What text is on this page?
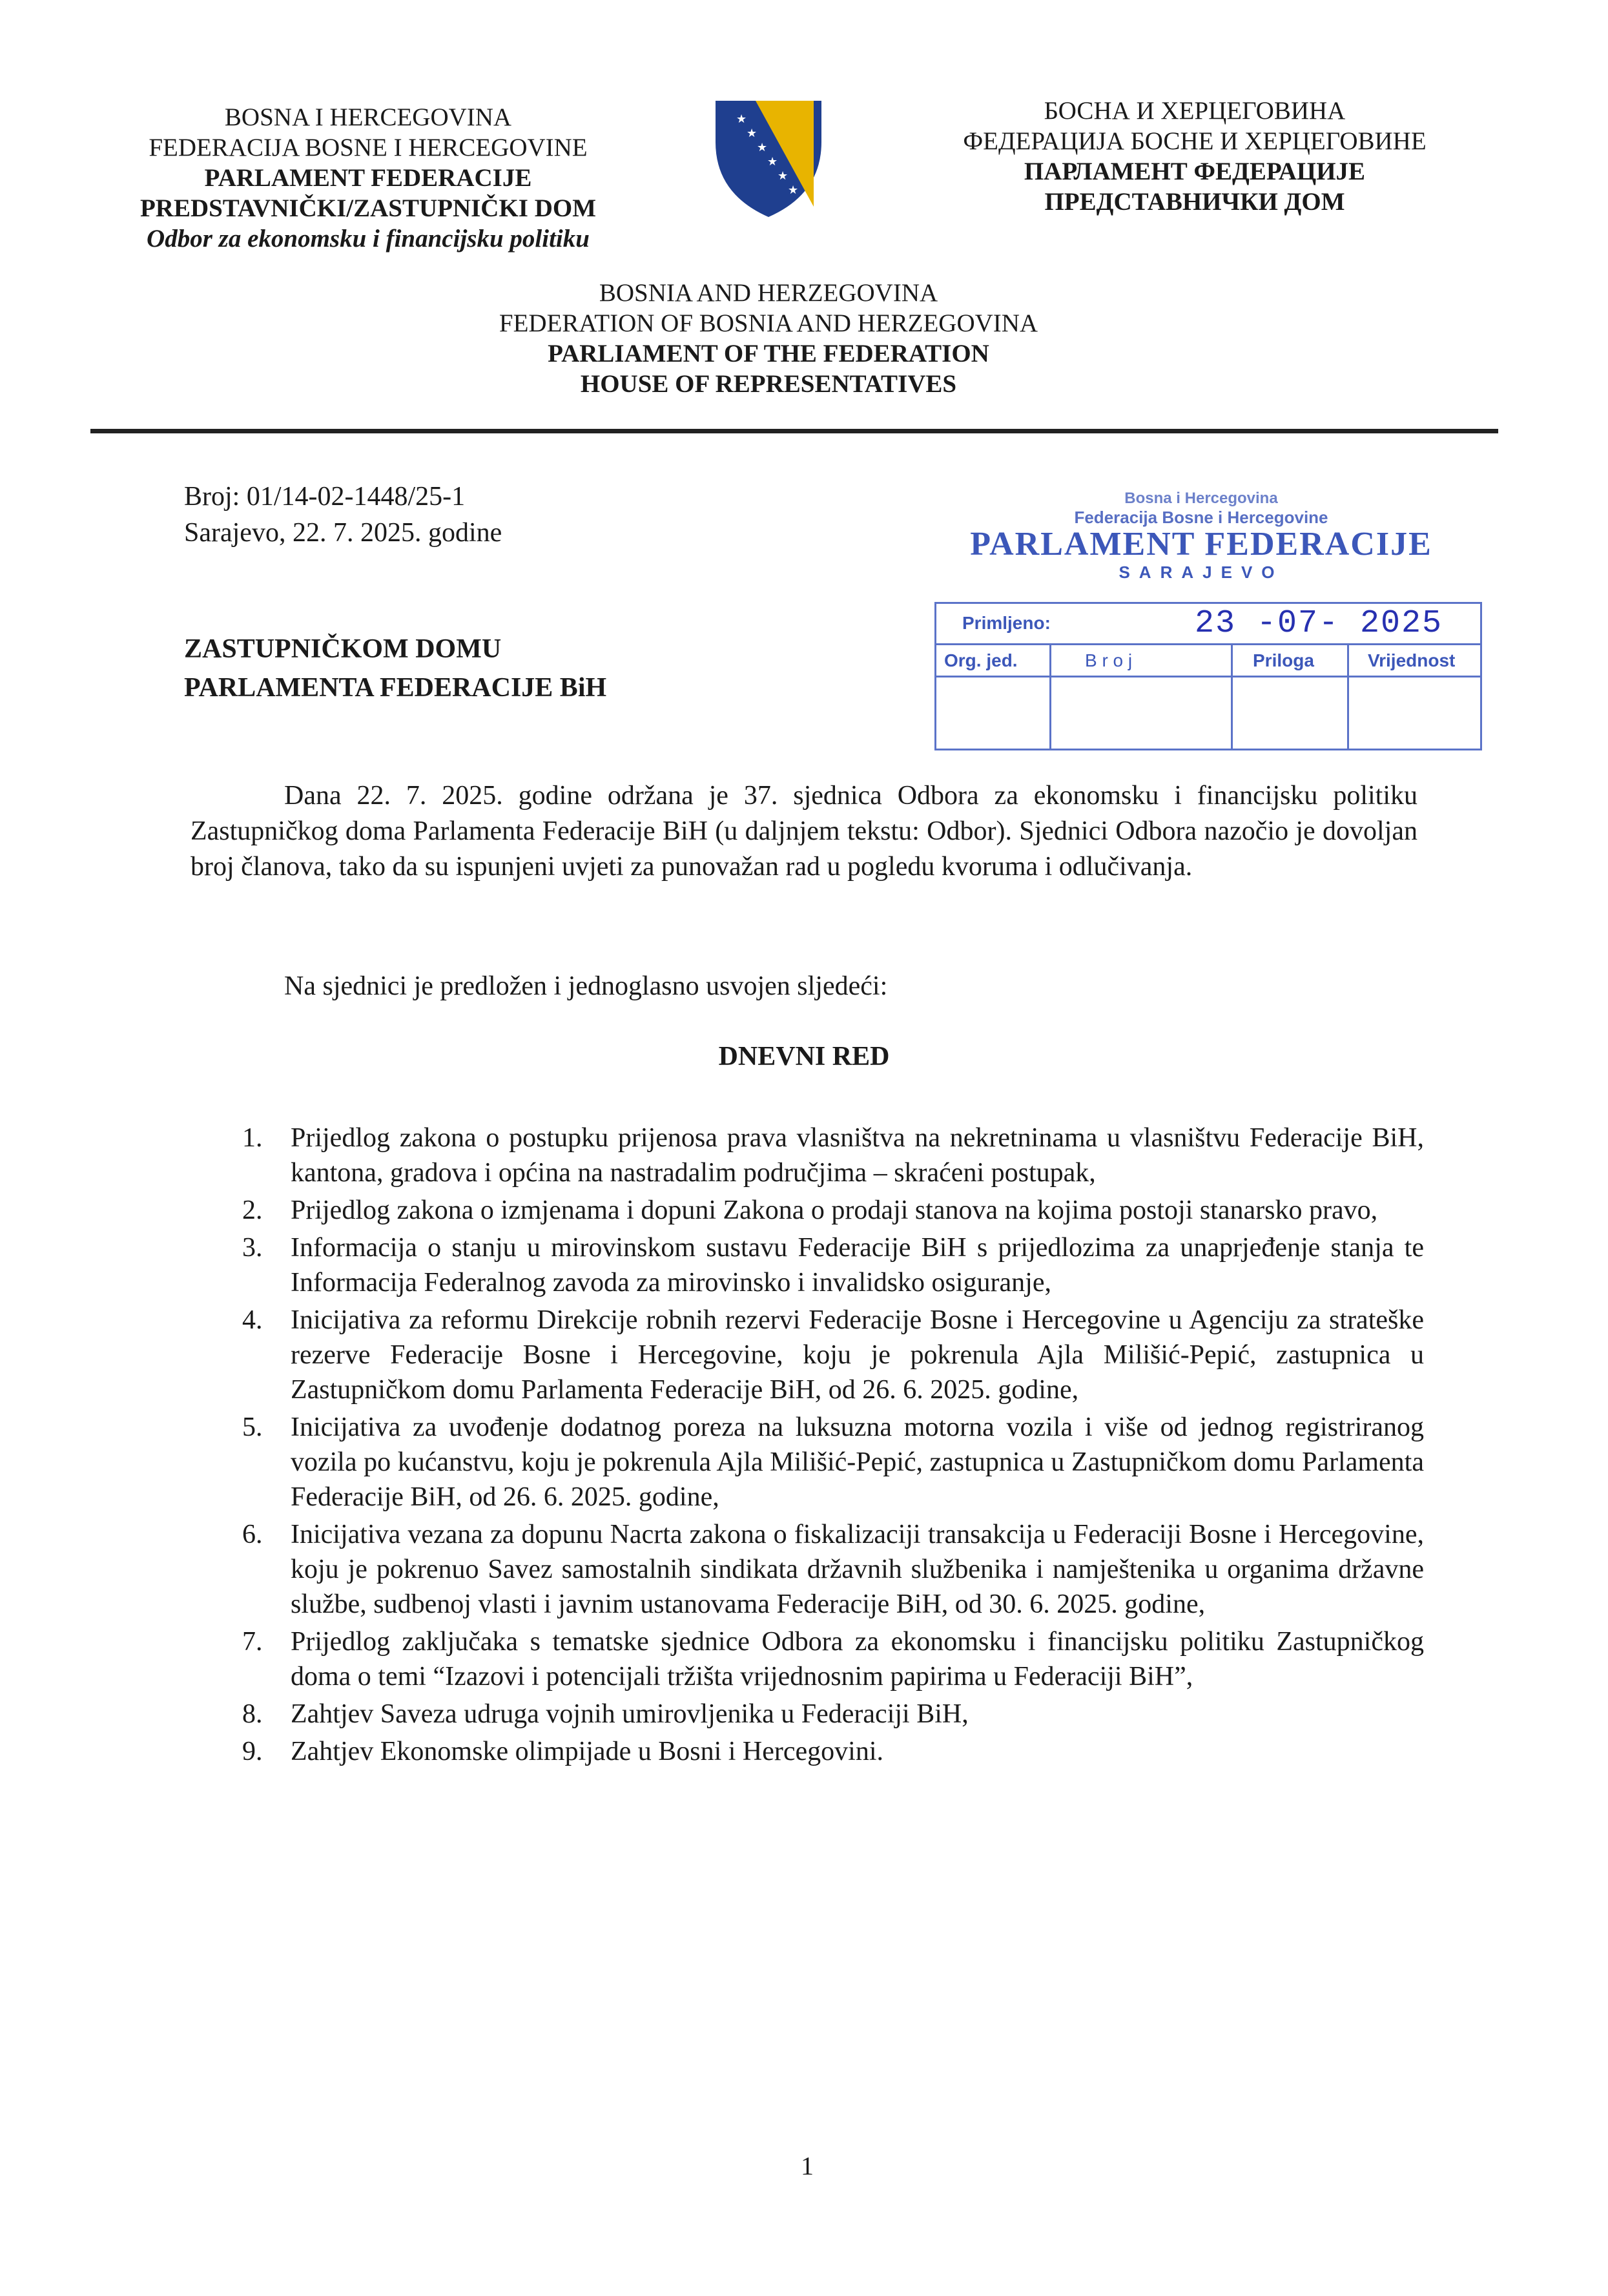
BOSNA I HERCEGOVINA
FEDERACIJA BOSNE I HERCEGOVINE
PARLAMENT FEDERACIJE
PREDSTAVNIČKI/ZASTUPNIČKI DOM
Odbor za ekonomsku i financijsku politiku
★
★
★
★
★
★
БОСНА И ХЕРЦЕГОВИНА
ФЕДЕРАЦИЈА БОСНЕ И ХЕРЦЕГОВИНЕ
ПАРЛАМЕНТ ФЕДЕРАЦИЈЕ
ПРЕДСТАВНИЧКИ ДОМ
BOSNIA AND HERZEGOVINA
FEDERATION OF BOSNIA AND HERZEGOVINA
PARLIAMENT OF THE FEDERATION
HOUSE OF REPRESENTATIVES
Broj: 01/14-02-1448/25-1
Sarajevo, 22. 7. 2025. godine
ZASTUPNIČKOM DOMU
PARLAMENTA FEDERACIJE BiH
Bosna i Hercegovina
Federacija Bosne i Hercegovine
PARLAMENT FEDERACIJE
SARAJEVO
Primljeno:	23 -07- 2025
Org. jed.	B r o j	Priloga	Vrijednost
Dana 22. 7. 2025. godine održana je 37. sjednica Odbora za ekonomsku i financijsku politiku Zastupničkog doma Parlamenta Federacije BiH (u daljnjem tekstu: Odbor). Sjednici Odbora nazočio je dovoljan broj članova, tako da su ispunjeni uvjeti za punovažan rad u pogledu kvoruma i odlučivanja.
Na sjednici je predložen i jednoglasno usvojen sljedeći:
DNEVNI RED
1. Prijedlog zakona o postupku prijenosa prava vlasništva na nekretninama u vlasništvu Federacije BiH, kantona, gradova i općina na nastradalim područjima – skraćeni postupak,
2. Prijedlog zakona o izmjenama i dopuni Zakona o prodaji stanova na kojima postoji stanarsko pravo,
3. Informacija o stanju u mirovinskom sustavu Federacije BiH s prijedlozima za unaprjeđenje stanja te Informacija Federalnog zavoda za mirovinsko i invalidsko osiguranje,
4. Inicijativa za reformu Direkcije robnih rezervi Federacije Bosne i Hercegovine u Agenciju za strateške rezerve Federacije Bosne i Hercegovine, koju je pokrenula Ajla Milišić-Pepić, zastupnica u Zastupničkom domu Parlamenta Federacije BiH, od 26. 6. 2025. godine,
5. Inicijativa za uvođenje dodatnog poreza na luksuzna motorna vozila i više od jednog registriranog vozila po kućanstvu, koju je pokrenula Ajla Milišić-Pepić, zastupnica u Zastupničkom domu Parlamenta Federacije BiH, od 26. 6. 2025. godine,
6. Inicijativa vezana za dopunu Nacrta zakona o fiskalizaciji transakcija u Federaciji Bosne i Hercegovine, koju je pokrenuo Savez samostalnih sindikata državnih službenika i namještenika u organima državne službe, sudbenoj vlasti i javnim ustanovama Federacije BiH, od 30. 6. 2025. godine,
7. Prijedlog zaključaka s tematske sjednice Odbora za ekonomsku i financijsku politiku Zastupničkog doma o temi “Izazovi i potencijali tržišta vrijednosnim papirima u Federaciji BiH”,
8. Zahtjev Saveza udruga vojnih umirovljenika u Federaciji BiH,
9. Zahtjev Ekonomske olimpijade u Bosni i Hercegovini.
1
